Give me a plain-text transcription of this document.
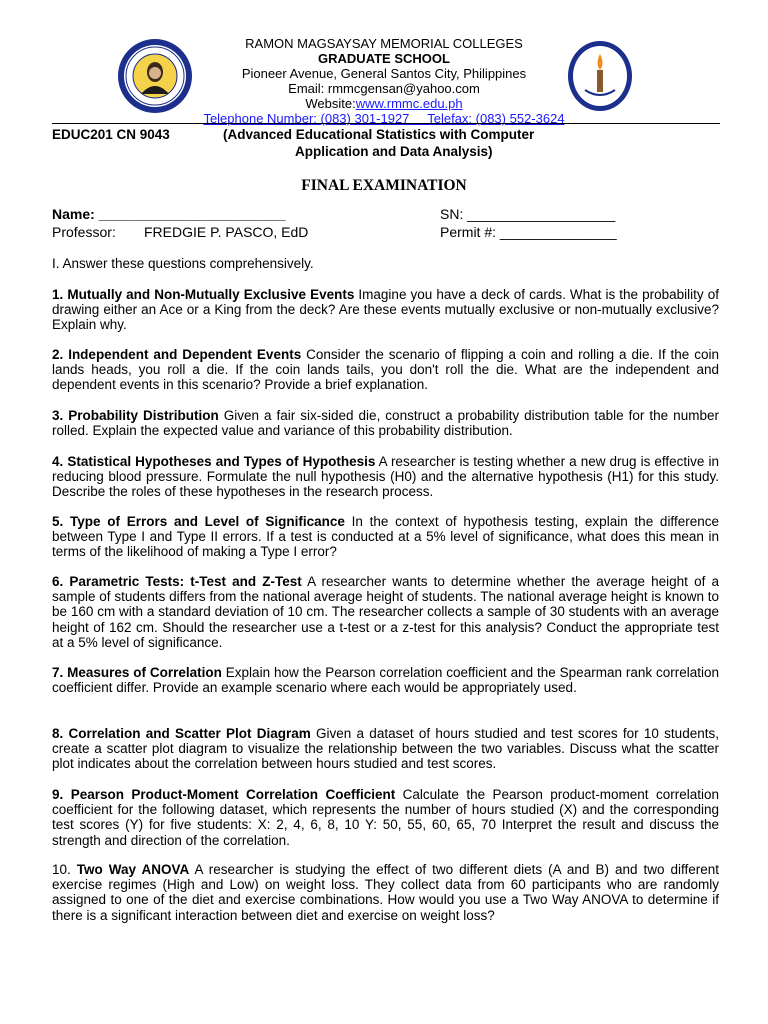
RAMON MAGSAYSAY MEMORIAL COLLEGES
GRADUATE SCHOOL
Pioneer Avenue, General Santos City, Philippines
Email: rmmcgensan@yahoo.com
Website:www.rmmc.edu.ph
Telephone Number: (083) 301-1927     Telefax: (083) 552-3624
EDUC201 CN 9043	(Advanced Educational Statistics with Computer
Application and Data Analysis)
FINAL EXAMINATION
Name: ________________________	SN: ___________________
Professor: FREDGIE P. PASCO, EdD	Permit #: _______________
I. Answer these questions comprehensively.
1. Mutually and Non-Mutually Exclusive Events Imagine you have a deck of cards. What is the probability of drawing either an Ace or a King from the deck? Are these events mutually exclusive or non-mutually exclusive? Explain why.
2. Independent and Dependent Events Consider the scenario of flipping a coin and rolling a die. If the coin lands heads, you roll a die. If the coin lands tails, you don't roll the die. What are the independent and dependent events in this scenario? Provide a brief explanation.
3. Probability Distribution Given a fair six-sided die, construct a probability distribution table for the number rolled. Explain the expected value and variance of this probability distribution.
4. Statistical Hypotheses and Types of Hypothesis A researcher is testing whether a new drug is effective in reducing blood pressure. Formulate the null hypothesis (H0) and the alternative hypothesis (H1) for this study. Describe the roles of these hypotheses in the research process.
5. Type of Errors and Level of Significance In the context of hypothesis testing, explain the difference between Type I and Type II errors. If a test is conducted at a 5% level of significance, what does this mean in terms of the likelihood of making a Type I error?
6. Parametric Tests: t-Test and Z-Test A researcher wants to determine whether the average height of a sample of students differs from the national average height of students. The national average height is known to be 160 cm with a standard deviation of 10 cm. The researcher collects a sample of 30 students with an average height of 162 cm. Should the researcher use a t-test or a z-test for this analysis? Conduct the appropriate test at a 5% level of significance.
7. Measures of Correlation Explain how the Pearson correlation coefficient and the Spearman rank correlation coefficient differ. Provide an example scenario where each would be appropriately used.
8. Correlation and Scatter Plot Diagram Given a dataset of hours studied and test scores for 10 students, create a scatter plot diagram to visualize the relationship between the two variables. Discuss what the scatter plot indicates about the correlation between hours studied and test scores.
9. Pearson Product-Moment Correlation Coefficient Calculate the Pearson product-moment correlation coefficient for the following dataset, which represents the number of hours studied (X) and the corresponding test scores (Y) for five students: X: 2, 4, 6, 8, 10 Y: 50, 55, 60, 65, 70 Interpret the result and discuss the strength and direction of the correlation.
10. Two Way ANOVA A researcher is studying the effect of two different diets (A and B) and two different exercise regimes (High and Low) on weight loss. They collect data from 60 participants who are randomly assigned to one of the diet and exercise combinations. How would you use a Two Way ANOVA to determine if there is a significant interaction between diet and exercise on weight loss?
